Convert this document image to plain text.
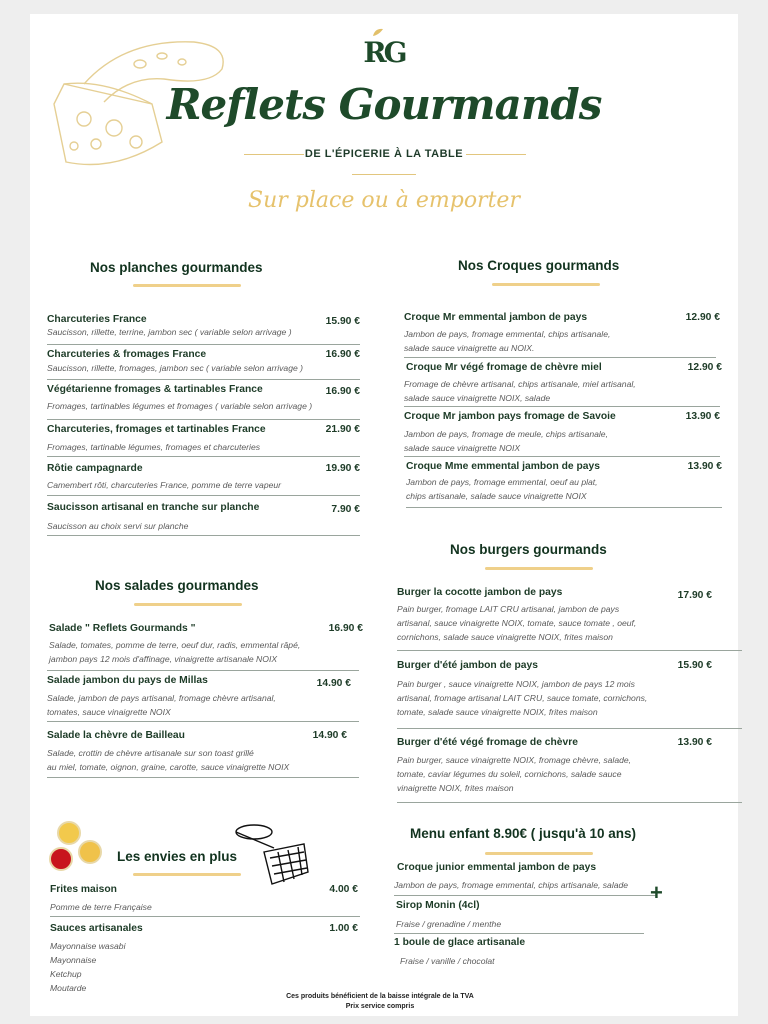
RG
Reflets Gourmands
DE L'ÉPICERIE À LA TABLE
Sur place ou à emporter
Nos planches gourmandes
Charcuteries France	15.90 €
Saucisson, rillette, terrine, jambon sec ( variable selon arrivage )
Charcuteries & fromages France	16.90 €
Saucisson, rillette, fromages, jambon sec ( variable selon arrivage )
Végétarienne fromages & tartinables France	16.90 €
Fromages, tartinables légumes et fromages ( variable selon arrivage )
Charcuteries, fromages et tartinables France	21.90 €
Fromages, tartinable légumes, fromages et charcuteries
Rôtie campagnarde	19.90 €
Camembert rôti, charcuteries France, pomme de terre vapeur
Saucisson artisanal en tranche sur planche	7.90 €
Saucisson au choix servi sur planche
Nos Croques gourmands
Croque Mr emmental jambon de pays	12.90 €
Jambon de pays, fromage emmental, chips artisanale,
salade sauce vinaigrette au NOIX.
Croque Mr végé fromage de chèvre miel	12.90 €
Fromage de chèvre artisanal, chips artisanale, miel artisanal,
salade sauce vinaigrette NOIX, salade
Croque Mr jambon pays fromage de Savoie	13.90 €
Jambon de pays, fromage de meule, chips artisanale,
salade sauce vinaigrette NOIX
Croque Mme emmental jambon de pays	13.90 €
Jambon de pays, fromage emmental, oeuf au plat,
chips artisanale, salade sauce vinaigrette NOIX
Nos burgers gourmands
Burger la cocotte jambon de pays	17.90 €
Pain burger, fromage LAIT CRU artisanal, jambon de pays
artisanal, sauce vinaigrette NOIX, tomate, sauce tomate , oeuf,
cornichons, salade sauce vinaigrette NOIX, frites maison
Burger d'été jambon de pays	15.90 €
Pain burger , sauce vinaigrette NOIX, jambon de pays 12 mois
artisanal, fromage artisanal LAIT CRU, sauce tomate, cornichons,
tomate, salade sauce vinaigrette NOIX, frites maison
Burger d'été végé fromage de chèvre	13.90 €
Pain burger, sauce vinaigrette NOIX, fromage chèvre, salade,
tomate, caviar légumes du soleil, cornichons, salade sauce
vinaigrette NOIX, frites maison
Nos salades gourmandes
Salade " Reflets Gourmands "	16.90 €
Salade, tomates, pomme de terre, oeuf dur, radis, emmental râpé,
jambon pays 12 mois d'affinage, vinaigrette artisanale NOIX
Salade jambon du pays de Millas	14.90 €
Salade, jambon de pays artisanal, fromage chèvre artisanal,
tomates, sauce vinaigrette NOIX
Salade la chèvre de Bailleau	14.90 €
Salade, crottin de chèvre artisanale sur son toast grillé
au miel, tomate, oignon, graine, carotte, sauce vinaigrette NOIX
Les envies en plus
Frites maison	4.00 €
Pomme de terre Française
Sauces artisanales	1.00 €
Mayonnaise wasabi
Mayonnaise
Ketchup
Moutarde
Menu enfant 8.90€ ( jusqu'à 10 ans)
Croque junior emmental jambon de pays
Jambon de pays, fromage emmental, chips artisanale, salade
Sirop Monin (4cl)
Fraise / grenadine / menthe
1 boule de glace artisanale
Fraise / vanille / chocolat
+
Ces produits bénéficient de la baisse intégrale de la TVA
Prix service compris
